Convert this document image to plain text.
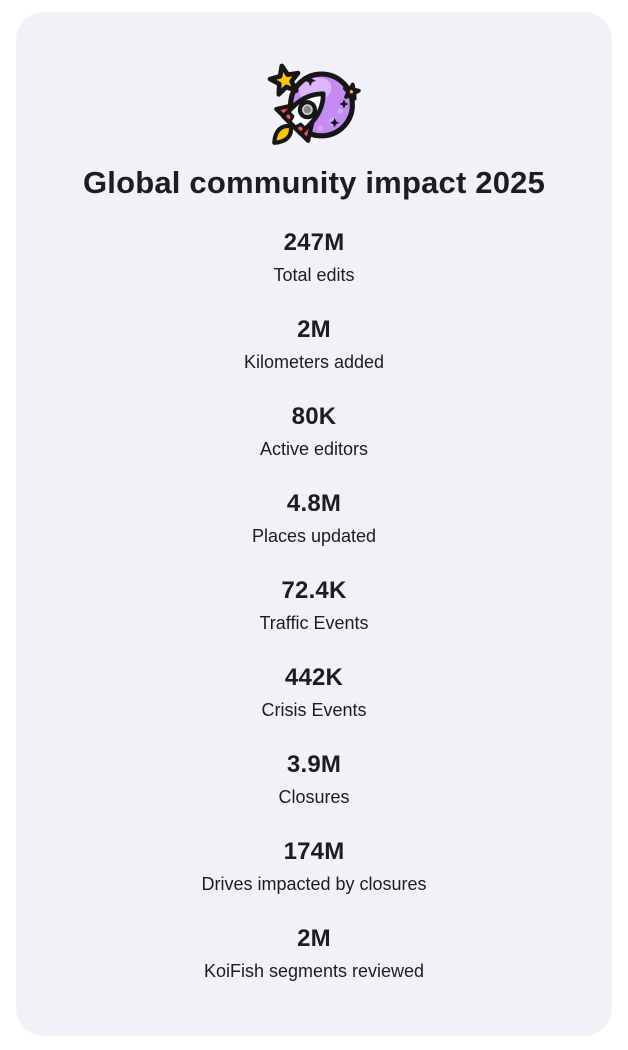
Global community impact 2025
247M
Total edits
2M
Kilometers added
80K
Active editors
4.8M
Places updated
72.4K
Traffic Events
442K
Crisis Events
3.9M
Closures
174M
Drives impacted by closures
2M
KoiFish segments reviewed
